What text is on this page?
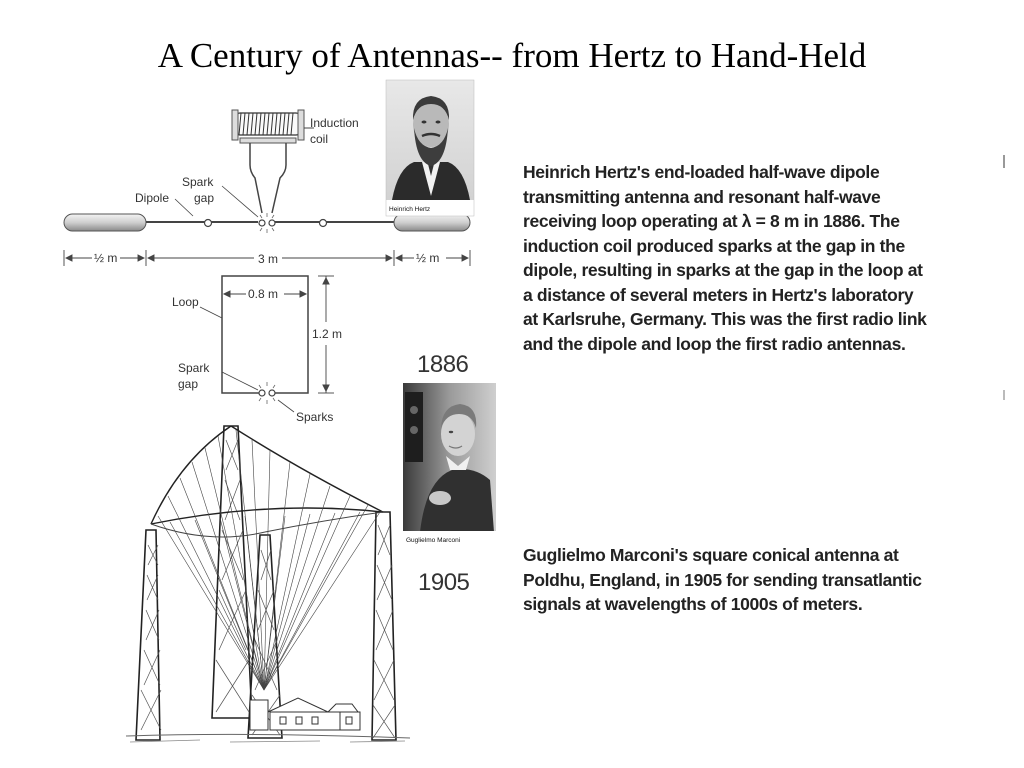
A Century of Antennas-- from Hertz to Hand-Held
Induction
coil
Spark
gap
Dipole
½ m	3 m	½ m
Loop
0.8 m
1.2 m
Spark
gap
Sparks
Heinrich Hertz
Guglielmo Marconi
1886
1905
Heinrich Hertz's end-loaded half-wave dipole
transmitting antenna and resonant half-wave
receiving loop operating at λ = 8 m in 1886. The
induction coil produced sparks at the gap in the
dipole, resulting in sparks at the gap in the loop at
a distance of several meters in Hertz's laboratory
at Karlsruhe, Germany. This was the first radio link
and the dipole and loop the first radio antennas.
Guglielmo Marconi's square conical antenna at
Poldhu, England, in 1905 for sending transatlantic
signals at wavelengths of 1000s of meters.
